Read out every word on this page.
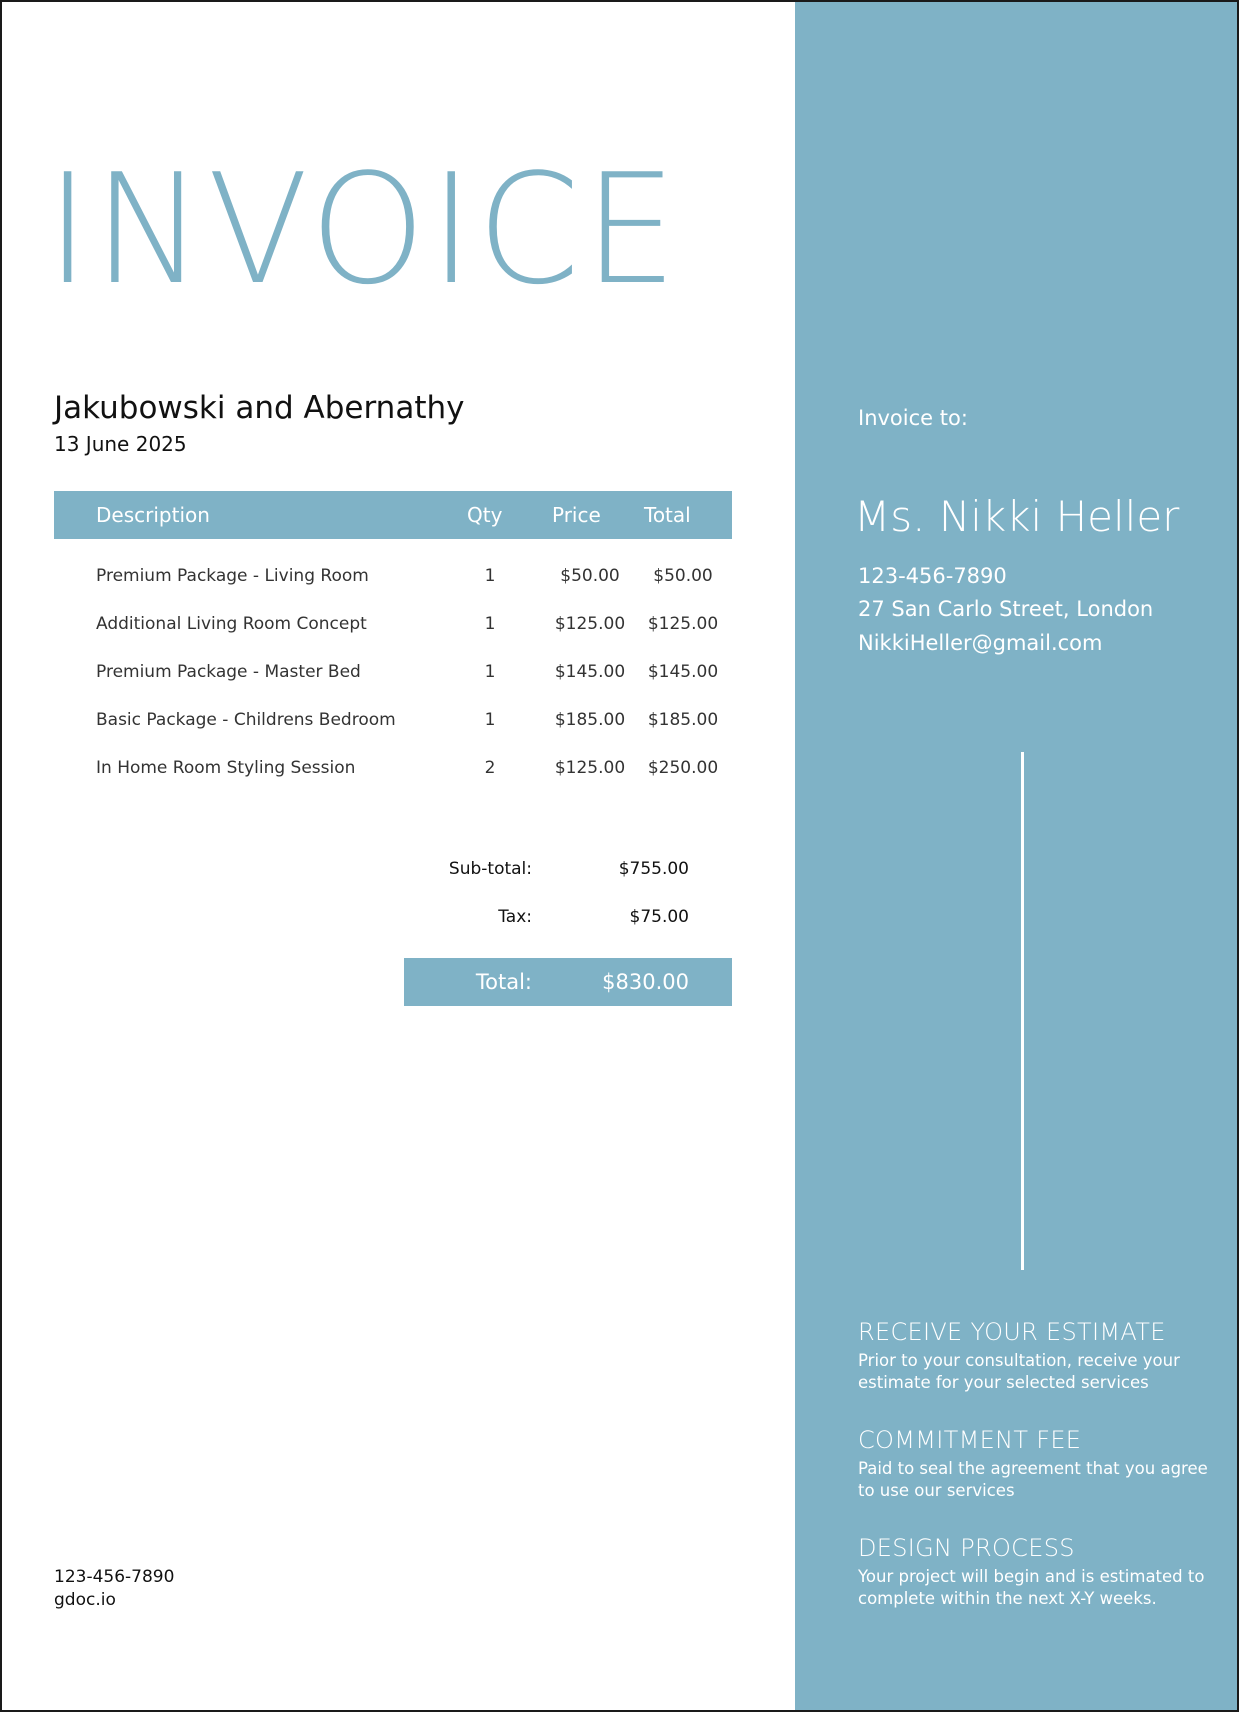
INVOICE
Jakubowski and Abernathy
13 June 2025
Description	Qty Price Total
Premium Package - Living Room	1	$50.00	$50.00
Additional Living Room Concept	1	$125.00	$125.00
Premium Package - Master Bed	1	$145.00	$145.00
Basic Package - Childrens Bedroom	1	$185.00	$185.00
In Home Room Styling Session	2	$125.00	$250.00
Sub-total:	$755.00
Tax:	$75.00
Total:	$830.00
123-456-7890
gdoc.io
Invoice to:
Ms. Nikki Heller
123-456-7890
27 San Carlo Street, London
NikkiHeller@gmail.com
RECEIVE YOUR ESTIMATE
Prior to your consultation, receive your estimate for your selected services
COMMITMENT FEE
Paid to seal the agreement that you agree to use our services
DESIGN PROCESS
Your project will begin and is estimated to complete within the next X-Y weeks.
